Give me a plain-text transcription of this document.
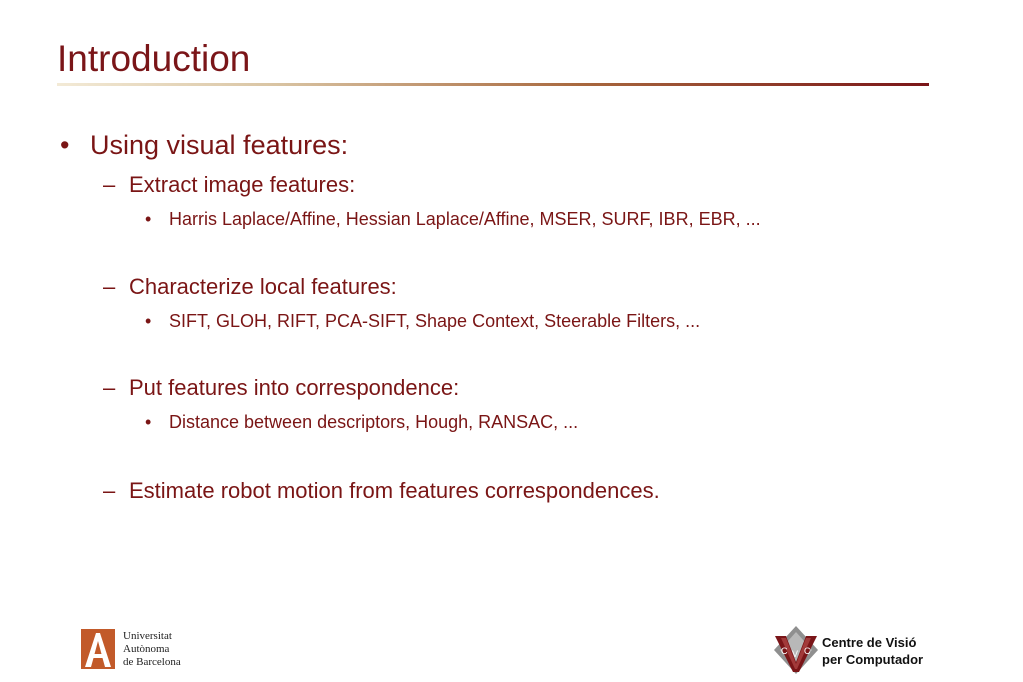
Introduction
• Using visual features:
– Extract image features:
• Harris Laplace/Affine, Hessian Laplace/Affine, MSER, SURF, IBR, EBR, ...
– Characterize local features:
• SIFT, GLOH, RIFT, PCA-SIFT, Shape Context, Steerable Filters, ...
– Put features into correspondence:
• Distance between descriptors, Hough, RANSAC, ...
– Estimate robot motion from features correspondences.
A
Universitat
Autònoma
de Barcelona
C V C
Centre de Visió
per Computador
